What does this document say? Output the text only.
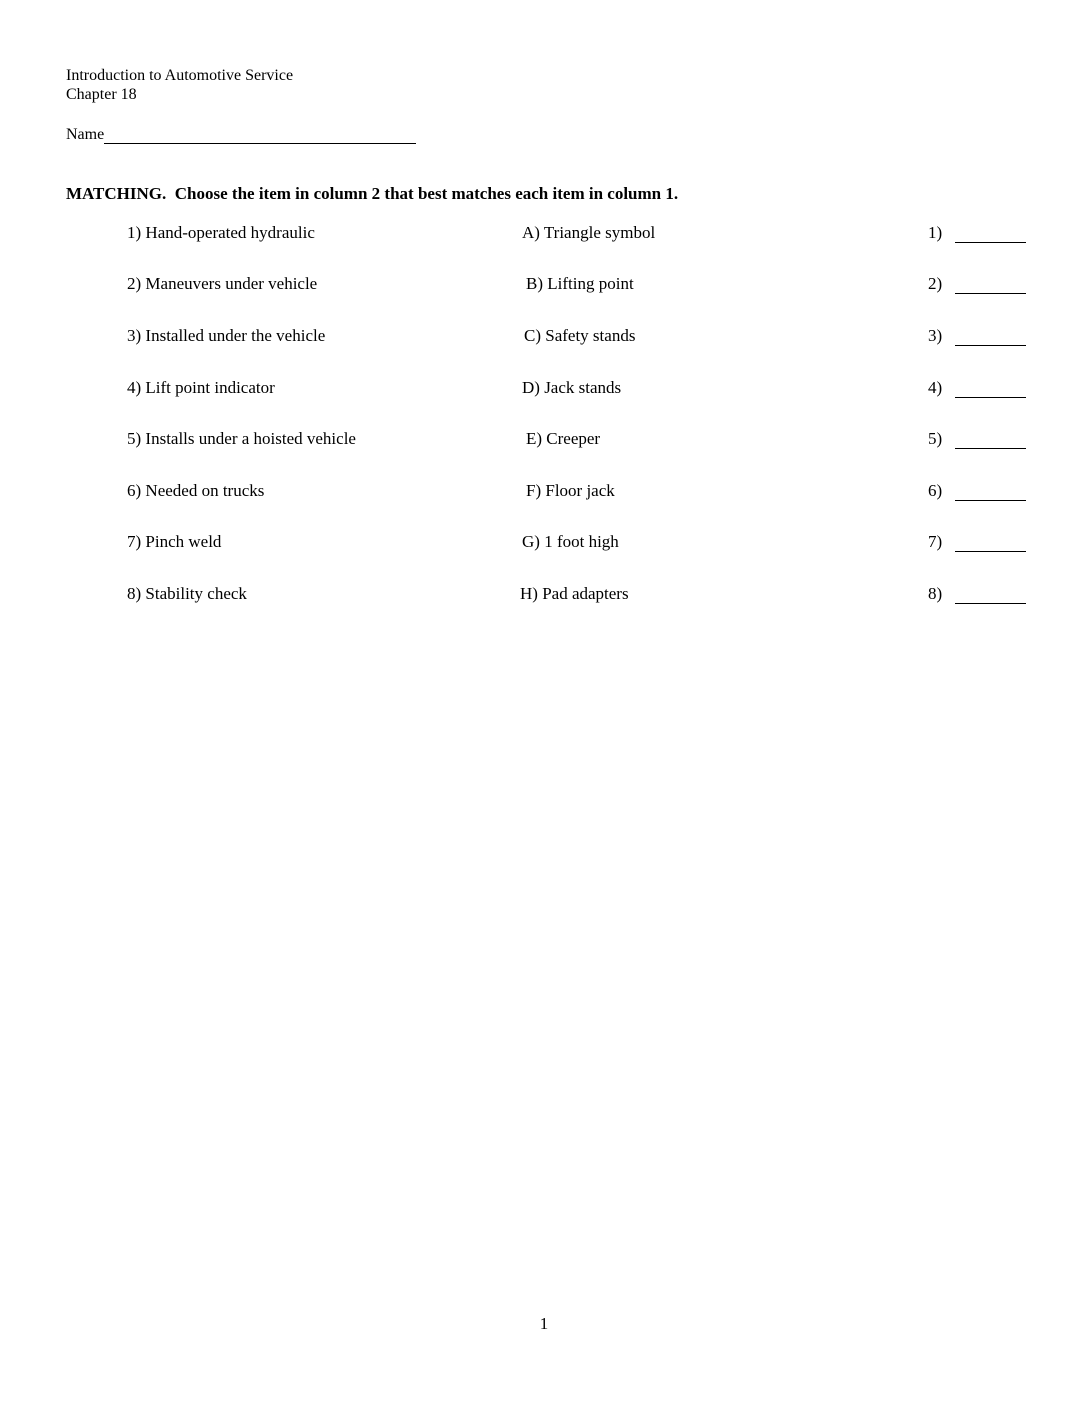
Introduction to Automotive Service
Chapter 18
Name
MATCHING.  Choose the item in column 2 that best matches each item in column 1.
1) Hand-operated hydraulic	A) Triangle symbol	1)
2) Maneuvers under vehicle	B) Lifting point	2)
3) Installed under the vehicle	C) Safety stands	3)
4) Lift point indicator	D) Jack stands	4)
5) Installs under a hoisted vehicle	E) Creeper	5)
6) Needed on trucks	F) Floor jack	6)
7) Pinch weld	G) 1 foot high	7)
8) Stability check	H) Pad adapters	8)
1
